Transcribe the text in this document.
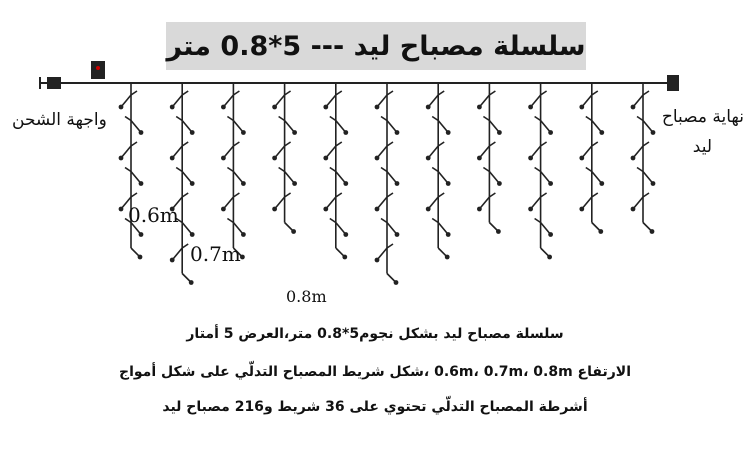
سلسلة مصباح ليد --- 5*0.8 متر
واجهة الشحن	نهاية مصباح
ليد
0.6m
0.7m
0.8m
سلسلة مصباح ليد بشكل نجوم5*0.8 متر،العرض 5 أمتار
الارتفاع 0.6m، 0.7m، 0.8m ،شكل شريط المصباح التدلّي على شكل أمواج
أشرطة المصباح التدلّي تحتوي على 36 شريط و216 مصباح ليد
